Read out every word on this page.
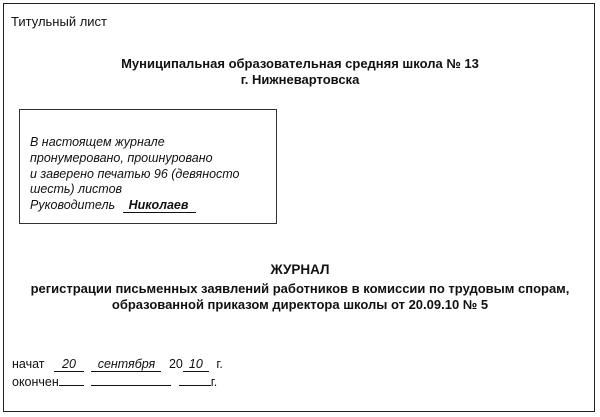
Титульный лист
Муниципальная образовательная средняя школа № 13
г. Нижневартовска
В настоящем журнале
пронумеровано, прошнуровано
и заверено печатью 96 (девяносто
шесть) листов
Руководитель Николаев
ЖУРНАЛ
регистрации письменных заявлений работников в комиссии по трудовым спорам,
образованной приказом директора школы от 20.09.10 № 5
начат 20 сентября 20 10 г.
окончен	г.
